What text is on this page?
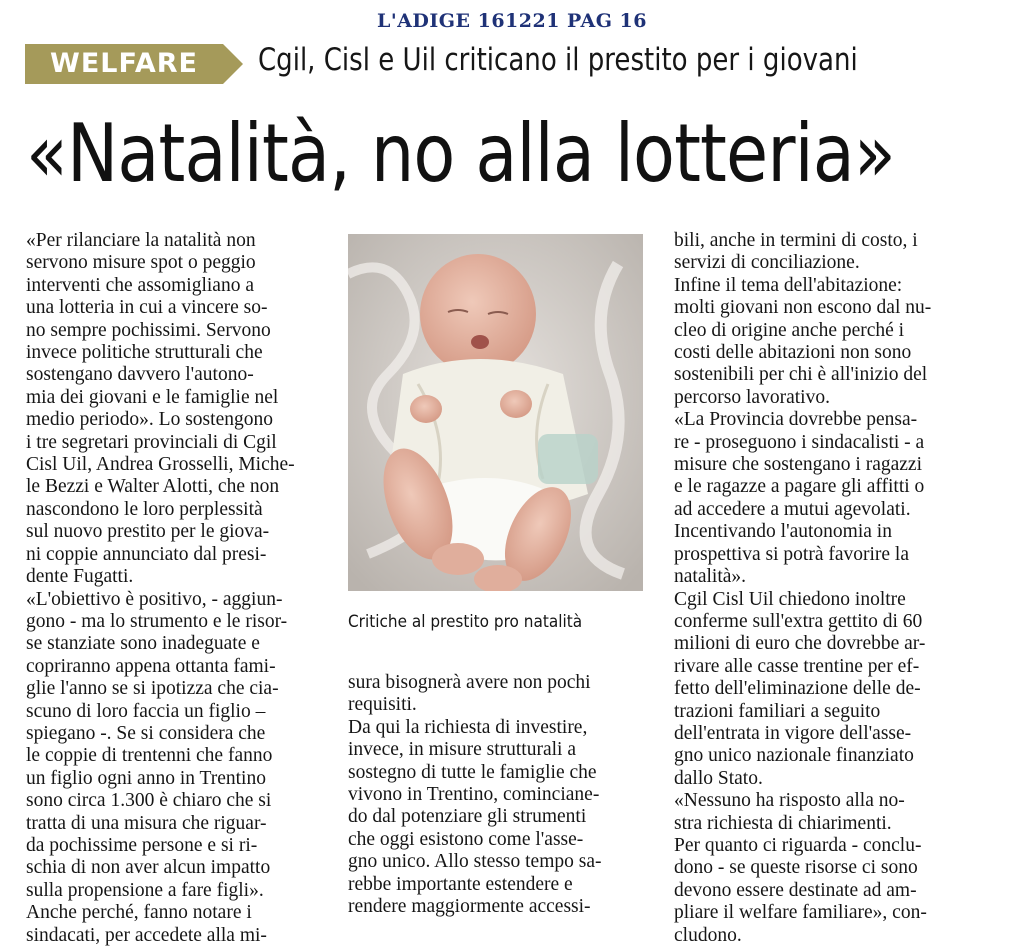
L'ADIGE 161221 PAG 16
WELFARE	Cgil, Cisl e Uil criticano il prestito per i giovani
«Natalità, no alla lotteria»

«Per rilanciare la natalità non
servono misure spot o peggio
interventi che assomigliano a
una lotteria in cui a vincere so-
no sempre pochissimi. Servono
invece politiche strutturali che
sostengano davvero l'autono-
mia dei giovani e le famiglie nel
medio periodo». Lo sostengono
i tre segretari provinciali di Cgil
Cisl Uil, Andrea Grosselli, Miche-
le Bezzi e Walter Alotti, che non
nascondono le loro perplessità
sul nuovo prestito per le giova-
ni coppie annunciato dal presi-
dente Fugatti.

«L'obiettivo è positivo, - aggiun-
gono - ma lo strumento e le risor-
se stanziate sono inadeguate e
copriranno appena ottanta fami-
glie l'anno se si ipotizza che cia-
scuno di loro faccia un figlio –
spiegano -. Se si considera che
le coppie di trentenni che fanno
un figlio ogni anno in Trentino
sono circa 1.300 è chiaro che si
tratta di una misura che riguar-
da pochissime persone e si ri-
schia di non aver alcun impatto
sulla propensione a fare figli».

Anche perché, fanno notare i
sindacati, per accedete alla mi-

Critiche al prestito pro natalità

sura bisognerà avere non pochi
requisiti.

Da qui la richiesta di investire,
invece, in misure strutturali a
sostegno di tutte le famiglie che
vivono in Trentino, cominciane-
do dal potenziare gli strumenti
che oggi esistono come l'asse-
gno unico. Allo stesso tempo sa-
rebbe importante estendere e
rendere maggiormente accessi-

bili, anche in termini di costo, i
servizi di conciliazione.

Infine il tema dell'abitazione:
molti giovani non escono dal nu-
cleo di origine anche perché i
costi delle abitazioni non sono
sostenibili per chi è all'inizio del
percorso lavorativo.

«La Provincia dovrebbe pensa-
re - proseguono i sindacalisti - a
misure che sostengano i ragazzi
e le ragazze a pagare gli affitti o
ad accedere a mutui agevolati.
Incentivando l'autonomia in
prospettiva si potrà favorire la
natalità».

Cgil Cisl Uil chiedono inoltre
conferme sull'extra gettito di 60
milioni di euro che dovrebbe ar-
rivare alle casse trentine per ef-
fetto dell'eliminazione delle de-
trazioni familiari a seguito
dell'entrata in vigore dell'asse-
gno unico nazionale finanziato
dallo Stato.

«Nessuno ha risposto alla no-
stra richiesta di chiarimenti.
Per quanto ci riguarda - conclu-
dono - se queste risorse ci sono
devono essere destinate ad am-
pliare il welfare familiare», con-
cludono.
